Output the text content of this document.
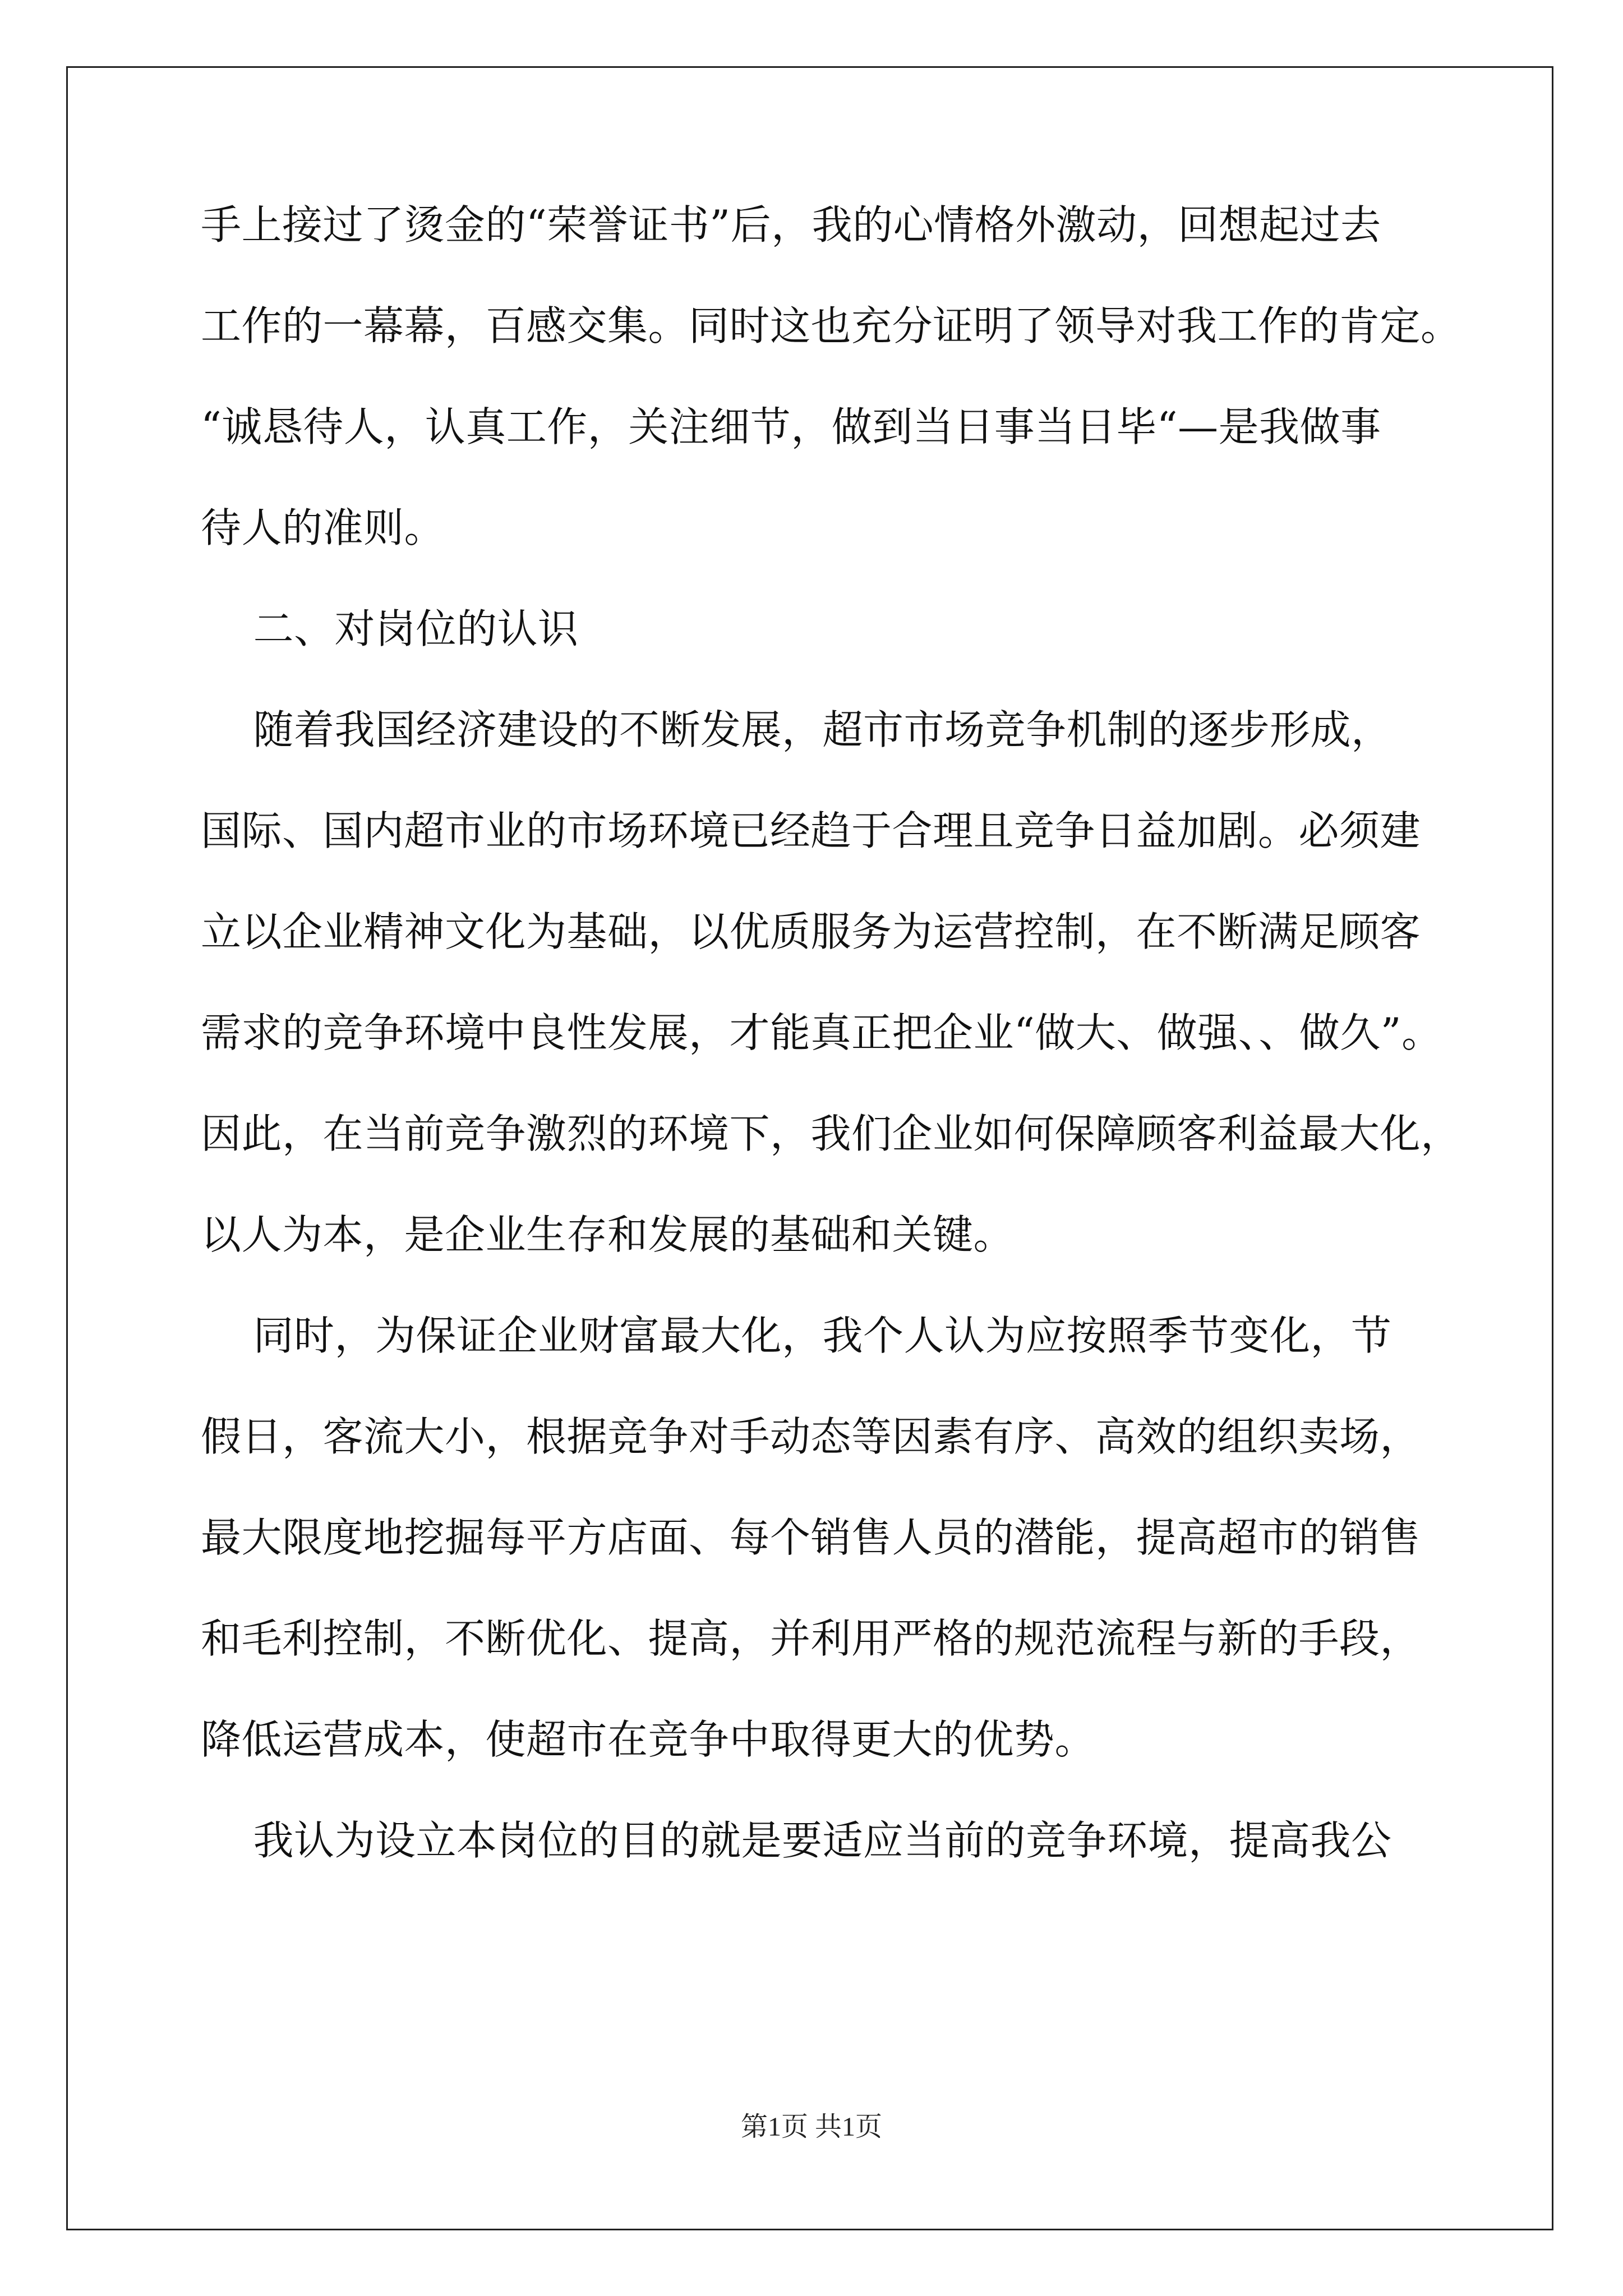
手上接过了烫金的“荣誉证书”后，我的心情格外激动，回想起过去
工作的一幕幕，百感交集。同时这也充分证明了领导对我工作的肯定。
“诚恳待人，认真工作，关注细节，做到当日事当日毕“—是我做事
待人的准则。
二、对岗位的认识
随着我国经济建设的不断发展，超市市场竞争机制的逐步形成，
国际、国内超市业的市场环境已经趋于合理且竞争日益加剧。必须建
立以企业精神文化为基础，以优质服务为运营控制，在不断满足顾客
需求的竞争环境中良性发展，才能真正把企业“做大、做强、、做久”。
因此，在当前竞争激烈的环境下，我们企业如何保障顾客利益最大化，
以人为本，是企业生存和发展的基础和关键。
同时，为保证企业财富最大化，我个人认为应按照季节变化，节
假日，客流大小，根据竞争对手动态等因素有序、高效的组织卖场，
最大限度地挖掘每平方店面、每个销售人员的潜能，提高超市的销售
和毛利控制，不断优化、提高，并利用严格的规范流程与新的手段，
降低运营成本，使超市在竞争中取得更大的优势。
我认为设立本岗位的目的就是要适应当前的竞争环境，提高我公
第1页 共1页
